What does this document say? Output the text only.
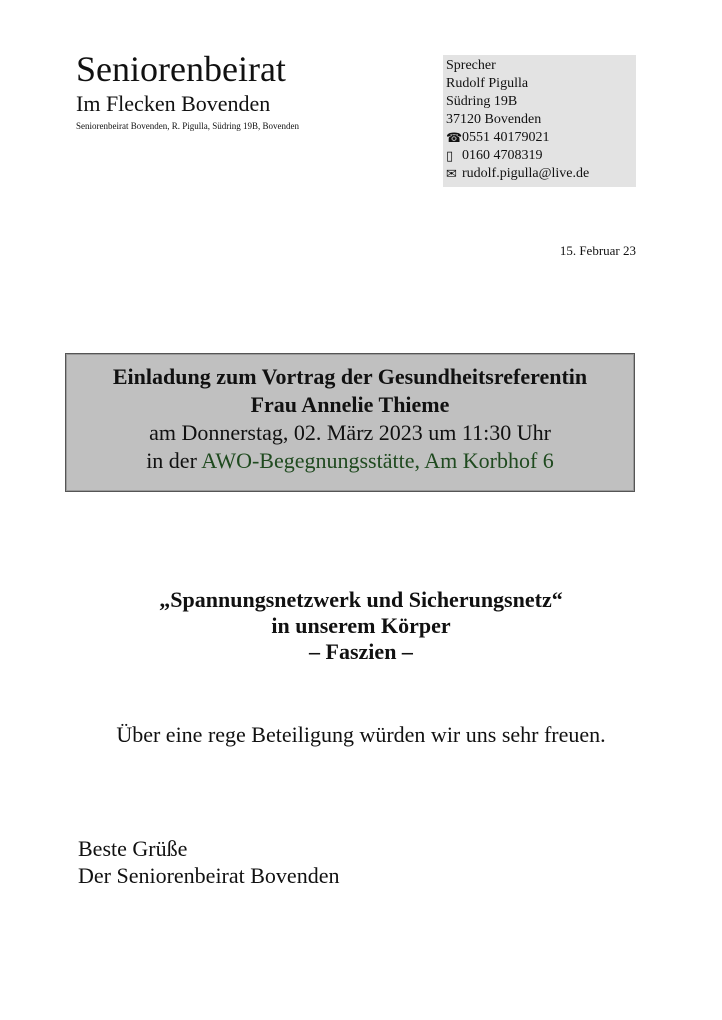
Seniorenbeirat
Im Flecken Bovenden
Seniorenbeirat Bovenden, R. Pigulla, Südring 19B, Bovenden
Sprecher
Rudolf Pigulla
Südring 19B
37120 Bovenden
☎ 0551 40179021
▯ 0160 4708319
✉ rudolf.pigulla@live.de
15. Februar 23
Einladung zum Vortrag der Gesundheitsreferentin
Frau Annelie Thieme
am Donnerstag, 02. März 2023 um 11:30 Uhr
in der AWO-Begegnungsstätte, Am Korbhof 6
„Spannungsnetzwerk und Sicherungsnetz“
in unserem Körper
– Faszien –
Über eine rege Beteiligung würden wir uns sehr freuen.
Beste Grüße
Der Seniorenbeirat Bovenden
